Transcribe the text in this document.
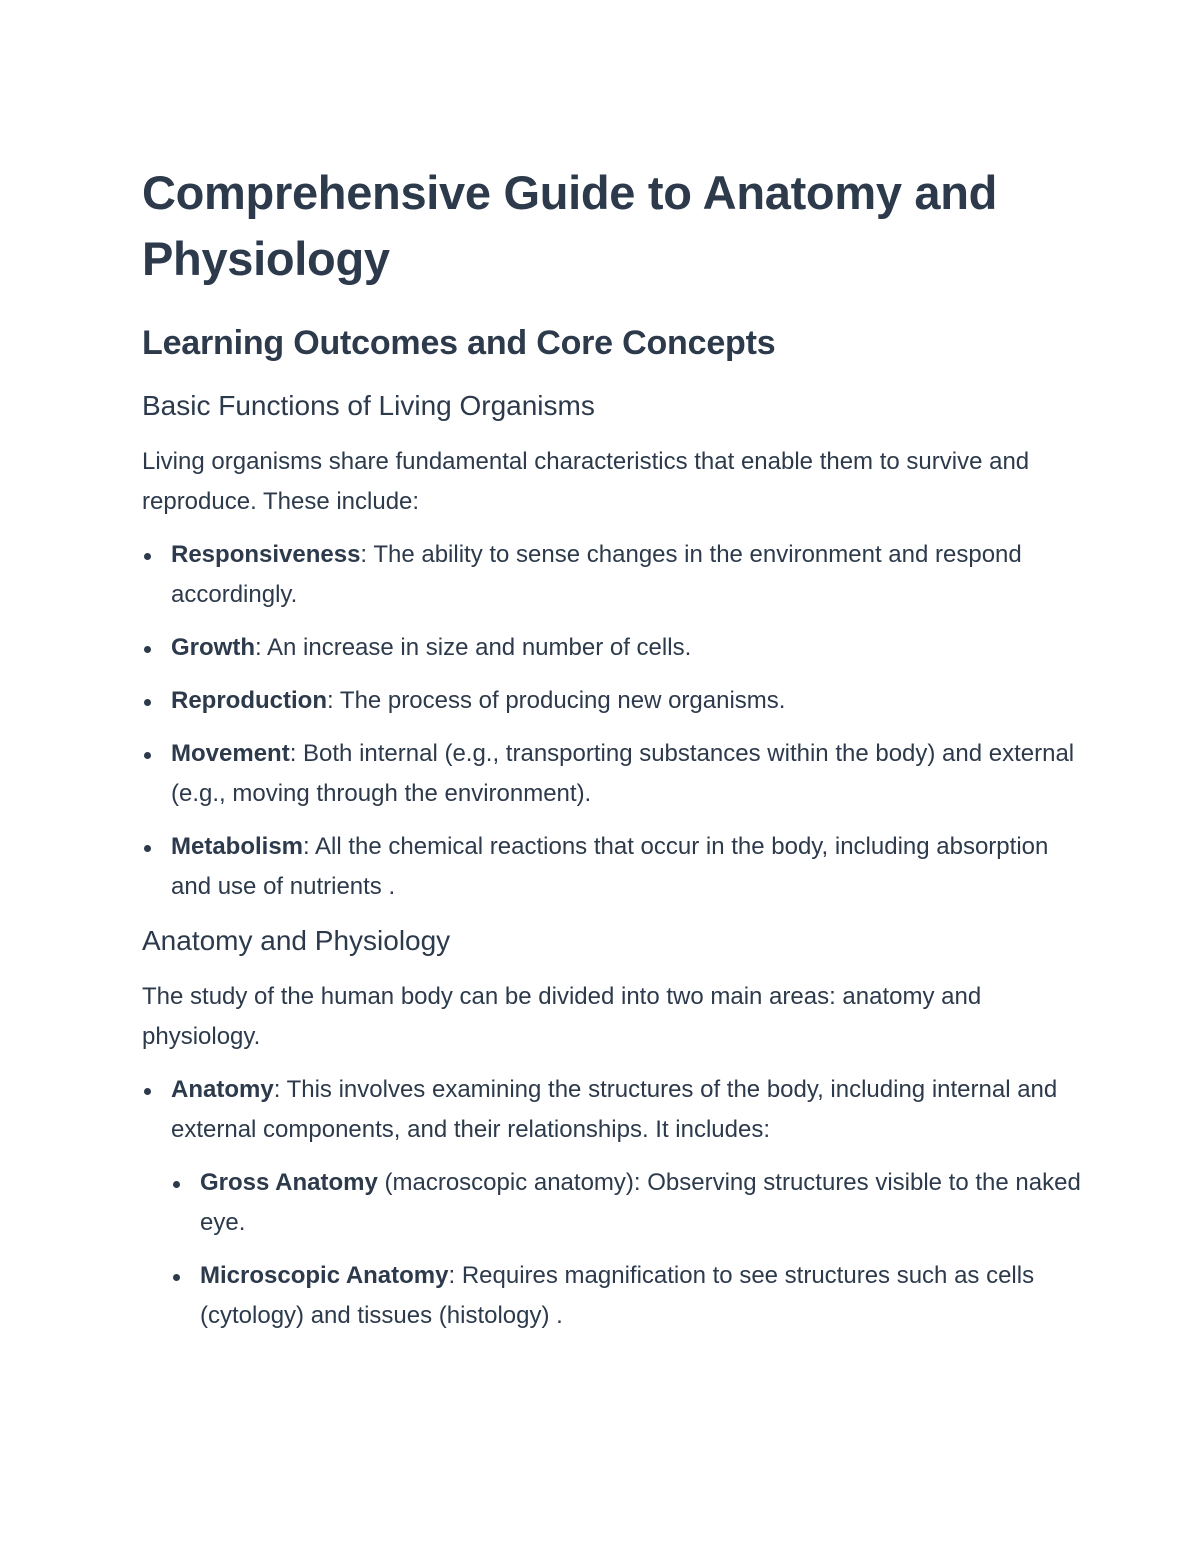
Comprehensive Guide to Anatomy and Physiology
Learning Outcomes and Core Concepts
Basic Functions of Living Organisms

Living organisms share fundamental characteristics that enable them to survive and reproduce. These include:

Responsiveness: The ability to sense changes in the environment and respond accordingly.
Growth: An increase in size and number of cells.
Reproduction: The process of producing new organisms.
Movement: Both internal (e.g., transporting substances within the body) and external (e.g., moving through the environment).
Metabolism: All the chemical reactions that occur in the body, including absorption and use of nutrients .
Anatomy and Physiology

The study of the human body can be divided into two main areas: anatomy and physiology.

Anatomy: This involves examining the structures of the body, including internal and external components, and their relationships. It includes:
Gross Anatomy (macroscopic anatomy): Observing structures visible to the naked eye.
Microscopic Anatomy: Requires magnification to see structures such as cells (cytology) and tissues (histology) .
